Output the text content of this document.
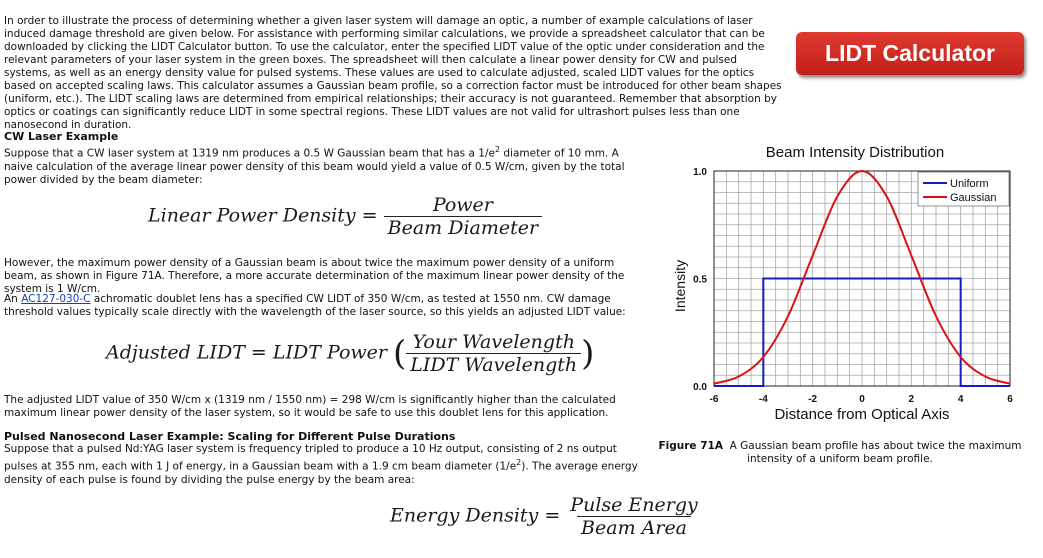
In order to illustrate the process of determining whether a given laser system will damage an optic, a number of example calculations of laser induced damage threshold are given below. For assistance with performing similar calculations, we provide a spreadsheet calculator that can be downloaded by clicking the LIDT Calculator button. To use the calculator, enter the specified LIDT value of the optic under consideration and the relevant parameters of your laser system in the green boxes. The spreadsheet will then calculate a linear power density for CW and pulsed systems, as well as an energy density value for pulsed systems. These values are used to calculate adjusted, scaled LIDT values for the optics based on accepted scaling laws. This calculator assumes a Gaussian beam profile, so a correction factor must be introduced for other beam shapes (uniform, etc.). The LIDT scaling laws are determined from empirical relationships; their accuracy is not guaranteed. Remember that absorption by optics or coatings can significantly reduce LIDT in some spectral regions. These LIDT values are not valid for ultrashort pulses less than one nanosecond in duration.

LIDT Calculator

CW Laser Example

Suppose that a CW laser system at 1319 nm produces a 0.5 W Gaussian beam that has a $1/e^2$ diameter of 10 mm. A naive calculation of the average linear power density of this beam would yield a value of 0.5 W/cm, given by the total power divided by the beam diameter:

Linear Power Density = $\frac{\text{Power}}{\text{Beam Diameter}}$

However, the maximum power density of a Gaussian beam is about twice the maximum power density of a uniform beam, as shown in Figure 71A. Therefore, a more accurate determination of the maximum linear power density of the system is 1 W/cm.

An AC127-030-C achromatic doublet lens has a specified CW LIDT of 350 W/cm, as tested at 1550 nm. CW damage threshold values typically scale directly with the wavelength of the laser source, so this yields an adjusted LIDT value:

Adjusted LIDT = LIDT Power ( $\frac{\text{Your Wavelength}}{\text{LIDT Wavelength}}$ )

The adjusted LIDT value of 350 W/cm x (1319 nm / 1550 nm) = 298 W/cm is significantly higher than the calculated maximum linear power density of the laser system, so it would be safe to use this doublet lens for this application.

Pulsed Nanosecond Laser Example: Scaling for Different Pulse Durations

Suppose that a pulsed Nd:YAG laser system is frequency tripled to produce a 10 Hz output, consisting of 2 ns output pulses at 355 nm, each with 1 J of energy, in a Gaussian beam with a 1.9 cm beam diameter $(1/e^2)$. The average energy density of each pulse is found by dividing the pulse energy by the beam area:

Energy Density = $\frac{\text{Pulse Energy}}{\text{Beam Area}}$
Beam Intensity Distribution
-6	-4	-2	0	2	4	6
0.0
0.5
1.0
Uniform
Gaussian
Distance from Optical Axis
Intensity
Figure 71A A Gaussian beam profile has about twice the maximum intensity of a uniform beam profile.
